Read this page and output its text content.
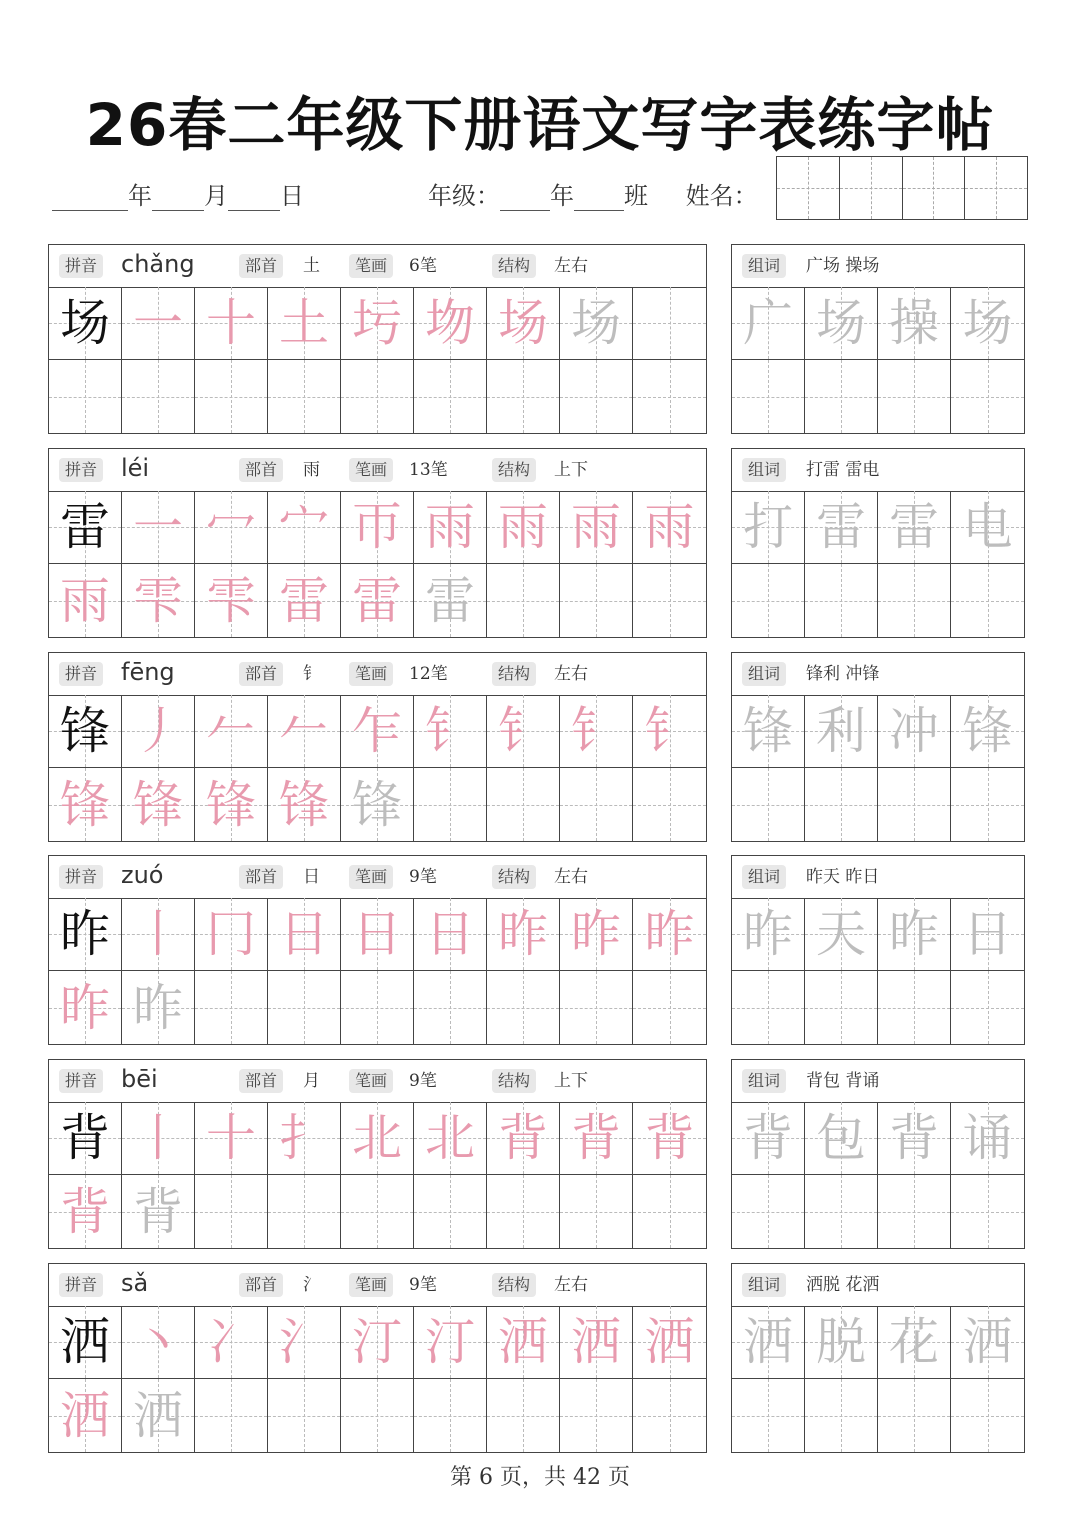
26春二年级下册语文写字表练字帖
年 月 日	年级： 年 班 姓名：
拼音 chǎng	部首	土	笔画	6笔	结构	左右
场 一 十 土 圬 圽 场 场
组词	广场 操场
广 场 操 场
拼音 léi	部首	雨	笔画	13笔	结构	上下
雷 一 冖 宀 帀 雨 雨 雨 雨
雨 雫 雫 雷 雷 雷
组词	打雷 雷电
打 雷 雷 电
拼音 fēng	部首	钅	笔画	12笔	结构	左右
锋 丿 𠂉 𠂉 乍 钅 钅 钅 钅
锋 锋 锋 锋 锋
组词	锋利 冲锋
锋 利 冲 锋
拼音 zuó	部首	日	笔画	9笔	结构	左右
昨 丨 冂 日 日 日 昨 昨 昨
昨 昨
组词	昨天 昨日
昨 天 昨 日
拼音 bēi	部首	月	笔画	9笔	结构	上下
背 丨 十 扌 北 北 背 背 背
背 背
组词	背包 背诵
背 包 背 诵
拼音 sǎ	部首	氵	笔画	9笔	结构	左右
洒 丶 冫 氵 汀 汀 洒 洒 洒
洒 洒
组词	洒脱 花洒
洒 脱 花 洒
第 6 页，共 42 页
